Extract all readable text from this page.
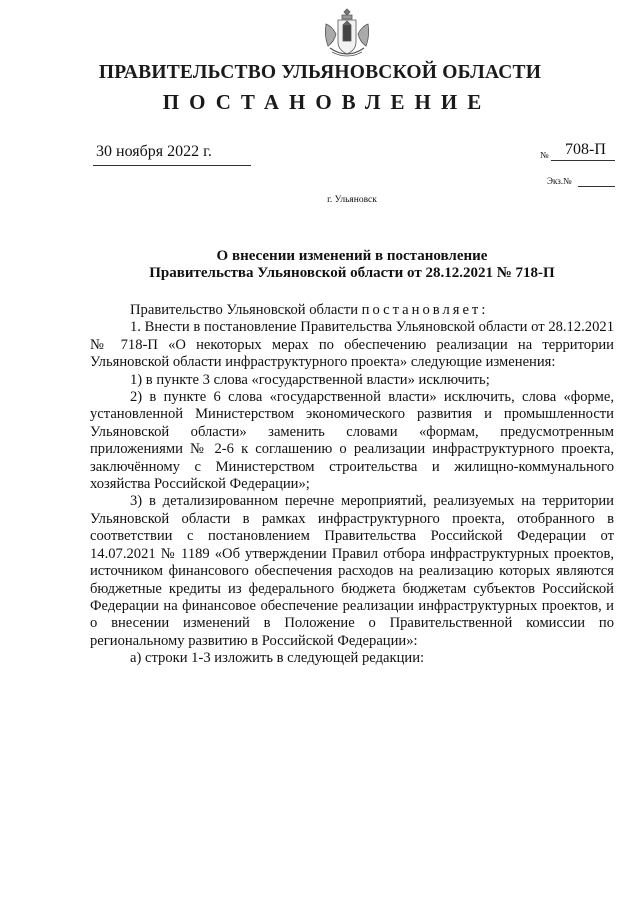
ПРАВИТЕЛЬСТВО УЛЬЯНОВСКОЙ ОБЛАСТИ
ПОСТАНОВЛЕНИЕ
30 ноября 2022 г.	№ 708-П
Экз.№
г. Ульяновск
О внесении изменений в постановление
Правительства Ульяновской области от 28.12.2021 № 718-П

Правительство Ульяновской области постановляет:

1. Внести в постановление Правительства Ульяновской области от 28.12.2021 № 718-П «О некоторых мерах по обеспечению реализации на территории Ульяновской области инфраструктурного проекта» следующие изменения:

1) в пункте 3 слова «государственной власти» исключить;

2) в пункте 6 слова «государственной власти» исключить, слова «форме, установленной Министерством экономического развития и промышленности Ульяновской области» заменить словами «формам, предусмотренным приложениями № 2-6 к соглашению о реализации инфраструктурного проекта, заключённому с Министерством строительства и жилищно-коммунального хозяйства Российской Федерации»;

3) в детализированном перечне мероприятий, реализуемых на территории Ульяновской области в рамках инфраструктурного проекта, отобранного в соответствии с постановлением Правительства Российской Федерации от 14.07.2021 № 1189 «Об утверждении Правил отбора инфраструктурных проектов, источником финансового обеспечения расходов на реализацию которых являются бюджетные кредиты из федерального бюджета бюджетам субъектов Российской Федерации на финансовое обеспечение реализации инфраструктурных проектов, и о внесении изменений в Положение о Правительственной комиссии по региональному развитию в Российской Федерации»:

а) строки 1-3 изложить в следующей редакции:
